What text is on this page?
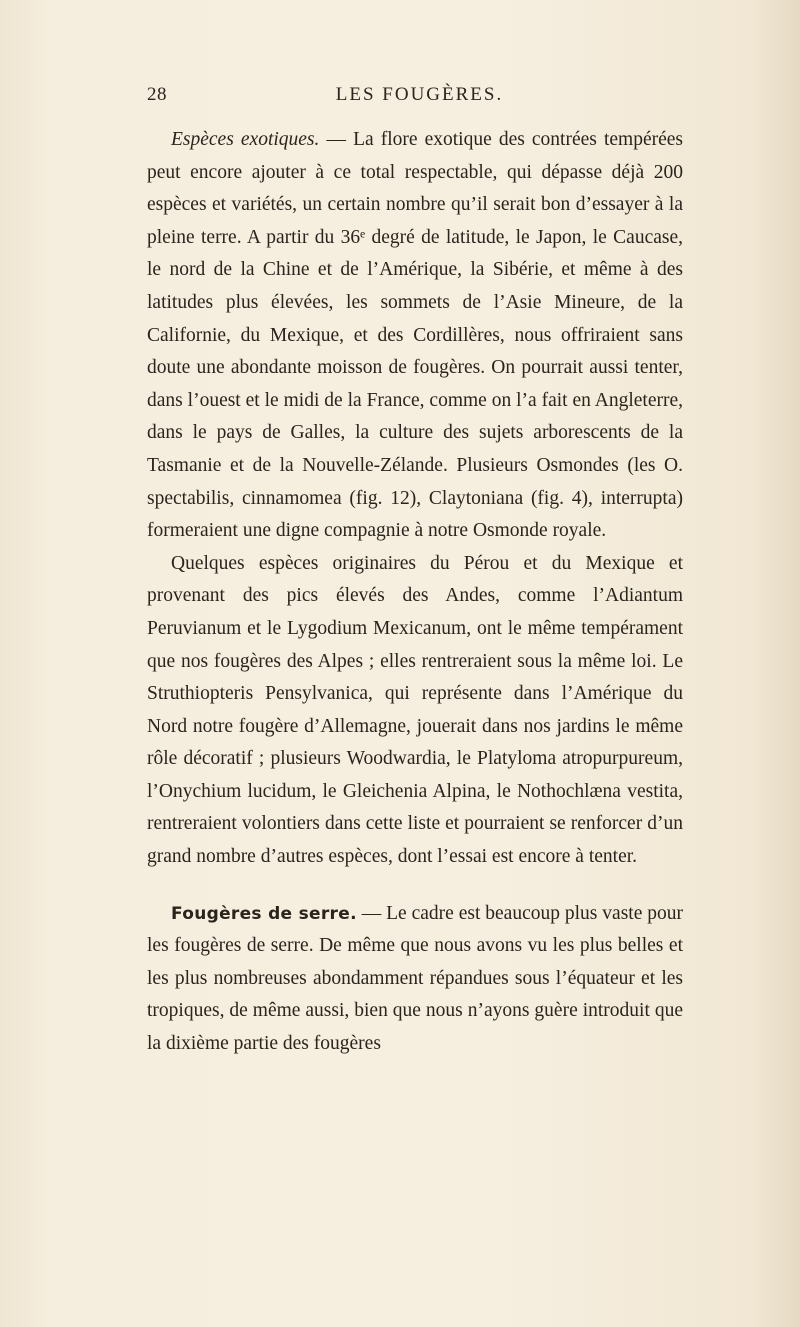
28	LES FOUGÈRES.

Espèces exotiques. — La flore exotique des contrées tempérées peut encore ajouter à ce total respectable, qui dépasse déjà 200 espèces et variétés, un certain nombre qu’il serait bon d’essayer à la pleine terre. A partir du 36ᵉ degré de latitude, le Japon, le Caucase, le nord de la Chine et de l’Amérique, la Sibérie, et même à des latitudes plus élevées, les sommets de l’Asie Mineure, de la Californie, du Mexique, et des Cordillères, nous offriraient sans doute une abondante moisson de fougères. On pourrait aussi tenter, dans l’ouest et le midi de la France, comme on l’a fait en Angleterre, dans le pays de Galles, la culture des sujets arborescents de la Tasmanie et de la Nouvelle-Zélande. Plusieurs Osmondes (les O. spectabilis, cinnamomea (fig. 12), Claytoniana (fig. 4), interrupta) formeraient une digne compagnie à notre Osmonde royale.

Quelques espèces originaires du Pérou et du Mexique et provenant des pics élevés des Andes, comme l’Adiantum Peruvianum et le Lygodium Mexicanum, ont le même tempérament que nos fougères des Alpes ; elles rentreraient sous la même loi. Le Struthiopteris Pensylvanica, qui représente dans l’Amérique du Nord notre fougère d’Allemagne, jouerait dans nos jardins le même rôle décoratif ; plusieurs Woodwardia, le Platyloma atropurpureum, l’Onychium lucidum, le Gleichenia Alpina, le Nothochlæna vestita, rentreraient volontiers dans cette liste et pourraient se renforcer d’un grand nombre d’autres espèces, dont l’essai est encore à tenter.

Fougères de serre. — Le cadre est beaucoup plus vaste pour les fougères de serre. De même que nous avons vu les plus belles et les plus nombreuses abondamment répandues sous l’équateur et les tropiques, de même aussi, bien que nous n’ayons guère introduit que la dixième partie des fougères
